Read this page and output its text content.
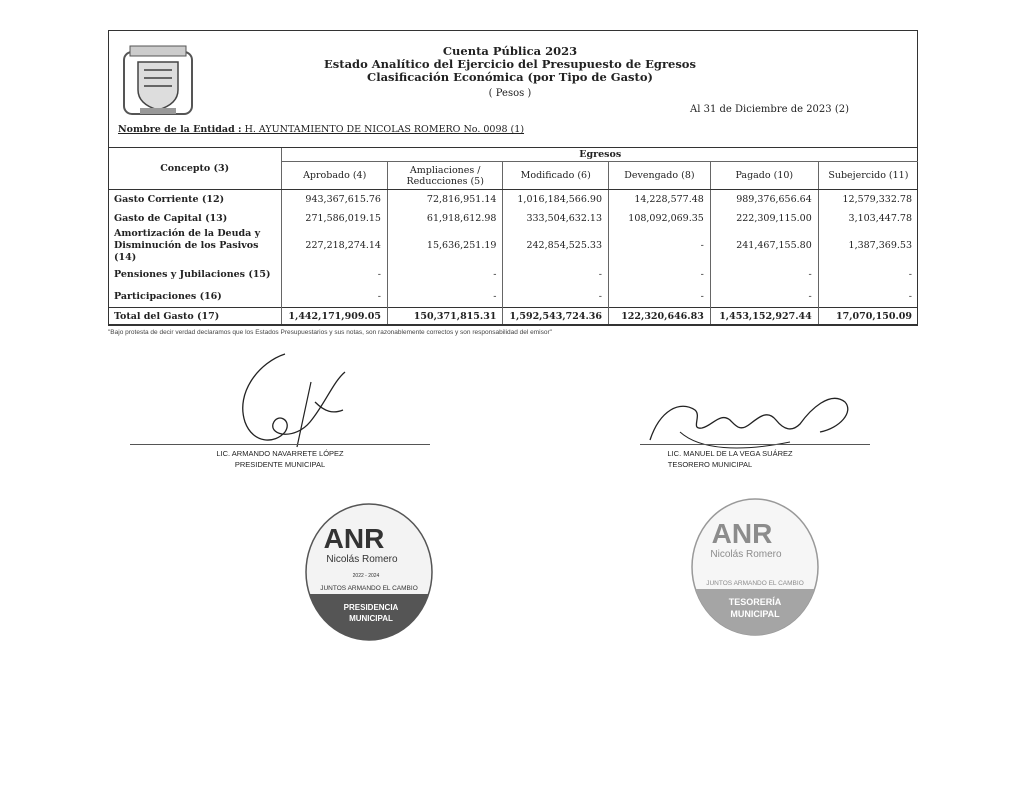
Cuenta Pública 2023
Estado Analítico del Ejercicio del Presupuesto de Egresos
Clasificación Económica (por Tipo de Gasto)
( Pesos )
Al 31 de Diciembre de 2023 (2)
Nombre de la Entidad : H. AYUNTAMIENTO DE NICOLAS ROMERO No. 0098 (1)
Concepto (3)	Egresos					
	Aprobado (4)	Ampliaciones / Reducciones (5)	Modificado (6)	Devengado (8)	Pagado (10)	Subejercido (11)
Gasto Corriente (12)	943,367,615.76	72,816,951.14	1,016,184,566.90	14,228,577.48	989,376,656.64	12,579,332.78
Gasto de Capital (13)	271,586,019.15	61,918,612.98	333,504,632.13	108,092,069.35	222,309,115.00	3,103,447.78
Amortización de la Deuda y Disminución de los Pasivos (14)	227,218,274.14	15,636,251.19	242,854,525.33	-	241,467,155.80	1,387,369.53
Pensiones y Jubilaciones (15)	-	-	-	-	-	-
Participaciones (16)	-	-	-	-	-	-
Total del Gasto (17)	1,442,171,909.05	150,371,815.31	1,592,543,724.36	122,320,646.83	1,453,152,927.44	17,070,150.09
"Bajo protesta de decir verdad declaramos que los Estados Presupuestarios y sus notas, son razonablemente correctos y son responsabilidad del emisor"
LIC. ARMANDO NAVARRETE LÓPEZ
PRESIDENTE MUNICIPAL
LIC. MANUEL DE LA VEGA SUÁREZ
TESORERO MUNICIPAL
ANR
Nicolás Romero
2022 - 2024
JUNTOS ARMANDO EL CAMBIO
PRESIDENCIA
MUNICIPAL
ANR
Nicolás Romero
JUNTOS ARMANDO EL CAMBIO
TESORERÍA
MUNICIPAL
